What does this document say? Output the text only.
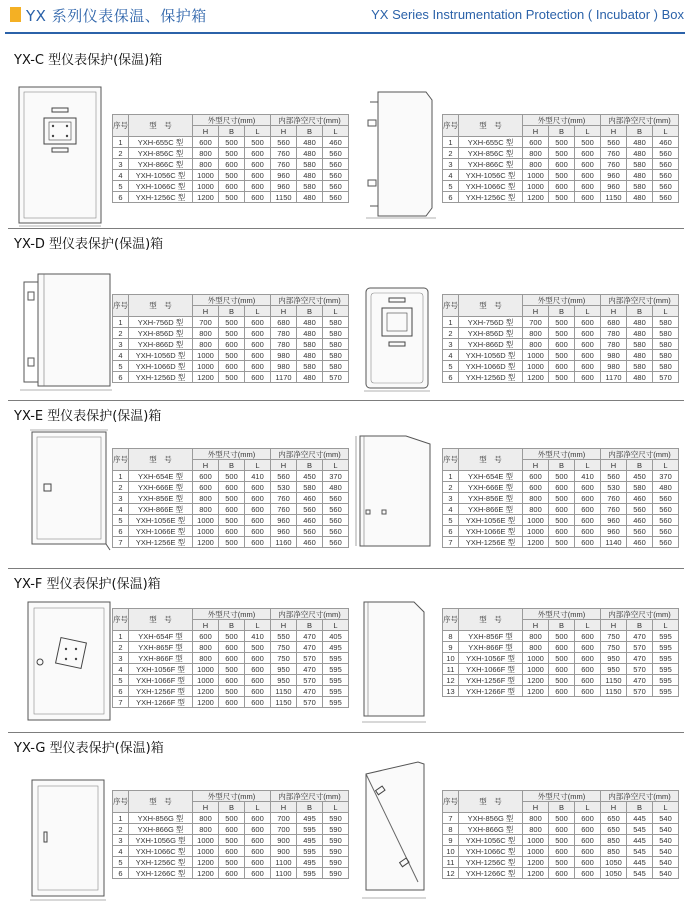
YX 系列仪表保温、保护箱	YX Series Instrumentation Protection ( Incubator ) Box
YX-C 型仪表保护(保温)箱
序号	型　号	外型尺寸(mm)			内部净空尺寸(mm)		
		H	B	L	H	B	L
1	YXH-655C 型	600	500	500	560	480	460
2	YXH-856C 型	800	500	600	760	480	560
3	YXH-866C 型	800	600	600	760	580	560
4	YXH-1056C 型	1000	500	600	960	480	560
5	YXH-1066C 型	1000	600	600	960	580	560
6	YXH-1256C 型	1200	500	600	1150	480	560
序号	型　号	外型尺寸(mm)			内部净空尺寸(mm)		
		H	B	L	H	B	L
1	YXH-655C 型	600	500	500	560	480	460
2	YXH-856C 型	800	500	600	760	480	560
3	YXH-866C 型	800	600	600	760	580	560
4	YXH-1056C 型	1000	500	600	960	480	560
5	YXH-1066C 型	1000	600	600	960	580	560
6	YXH-1256C 型	1200	500	600	1150	480	560
YX-D 型仪表保护(保温)箱
序号	型　号	外型尺寸(mm)			内部净空尺寸(mm)		
		H	B	L	H	B	L
1	YXH-756D 型	700	500	600	680	480	580
2	YXH-856D 型	800	500	600	780	480	580
3	YXH-866D 型	800	600	600	780	580	580
4	YXH-1056D 型	1000	500	600	980	480	580
5	YXH-1066D 型	1000	600	600	980	580	580
6	YXH-1256D 型	1200	500	600	1170	480	570
序号	型　号	外型尺寸(mm)			内部净空尺寸(mm)		
		H	B	L	H	B	L
1	YXH-756D 型	700	500	600	680	480	580
2	YXH-856D 型	800	500	600	780	480	580
3	YXH-866D 型	800	600	600	780	580	580
4	YXH-1056D 型	1000	500	600	980	480	580
5	YXH-1066D 型	1000	600	600	980	580	580
6	YXH-1256D 型	1200	500	600	1170	480	570
YX-E 型仪表保护(保温)箱
序号	型　号	外型尺寸(mm)			内部净空尺寸(mm)		
		H	B	L	H	B	L
1	YXH-654E 型	600	500	410	560	450	370
2	YXH-666E 型	600	600	600	530	580	480
3	YXH-856E 型	800	500	600	760	460	560
4	YXH-866E 型	800	600	600	760	560	560
5	YXH-1056E 型	1000	500	600	960	460	560
6	YXH-1066E 型	1000	600	600	960	560	560
7	YXH-1256E 型	1200	500	600	1160	460	560
序号	型　号	外型尺寸(mm)			内部净空尺寸(mm)		
		H	B	L	H	B	L
1	YXH-654E 型	600	500	410	560	450	370
2	YXH-666E 型	600	600	600	530	580	480
3	YXH-856E 型	800	500	600	760	460	560
4	YXH-866E 型	800	600	600	760	560	560
5	YXH-1056E 型	1000	500	600	960	460	560
6	YXH-1066E 型	1000	600	600	960	560	560
7	YXH-1256E 型	1200	500	600	1140	460	560
YX-F 型仪表保护(保温)箱
序号	型　号	外型尺寸(mm)			内部净空尺寸(mm)		
		H	B	L	H	B	L
1	YXH-654F 型	600	500	410	550	470	405
2	YXH-865F 型	800	600	500	750	470	495
3	YXH-866F 型	800	600	600	750	570	595
4	YXH-1056F 型	1000	500	600	950	470	595
5	YXH-1066F 型	1000	600	600	950	570	595
6	YXH-1256F 型	1200	500	600	1150	470	595
7	YXH-1266F 型	1200	600	600	1150	570	595
序号	型　号	外型尺寸(mm)			内部净空尺寸(mm)		
		H	B	L	H	B	L
8	YXH-856F 型	800	500	600	750	470	595
9	YXH-866F 型	800	600	600	750	570	595
10	YXH-1056F 型	1000	500	600	950	470	595
11	YXH-1066F 型	1000	600	600	950	570	595
12	YXH-1256F 型	1200	500	600	1150	470	595
13	YXH-1266F 型	1200	600	600	1150	570	595
YX-G 型仪表保护(保温)箱
序号	型　号	外型尺寸(mm)			内部净空尺寸(mm)		
		H	B	L	H	B	L
1	YXH-856G 型	800	500	600	700	495	590
2	YXH-866G 型	800	600	600	700	595	590
3	YXH-1056G 型	1000	500	600	900	495	590
4	YXH-1066C 型	1000	600	600	900	595	590
5	YXH-1256C 型	1200	500	600	1100	495	590
6	YXH-1266C 型	1200	600	600	1100	595	590
序号	型　号	外型尺寸(mm)			内部净空尺寸(mm)		
		H	B	L	H	B	L
7	YXH-856G 型	800	500	600	650	445	540
8	YXH-866G 型	800	600	600	650	545	540
9	YXH-1056C 型	1000	500	600	850	445	540
10	YXH-1066C 型	1000	600	600	850	545	540
11	YXH-1256C 型	1200	500	600	1050	445	540
12	YXH-1266C 型	1200	600	600	1050	545	540
